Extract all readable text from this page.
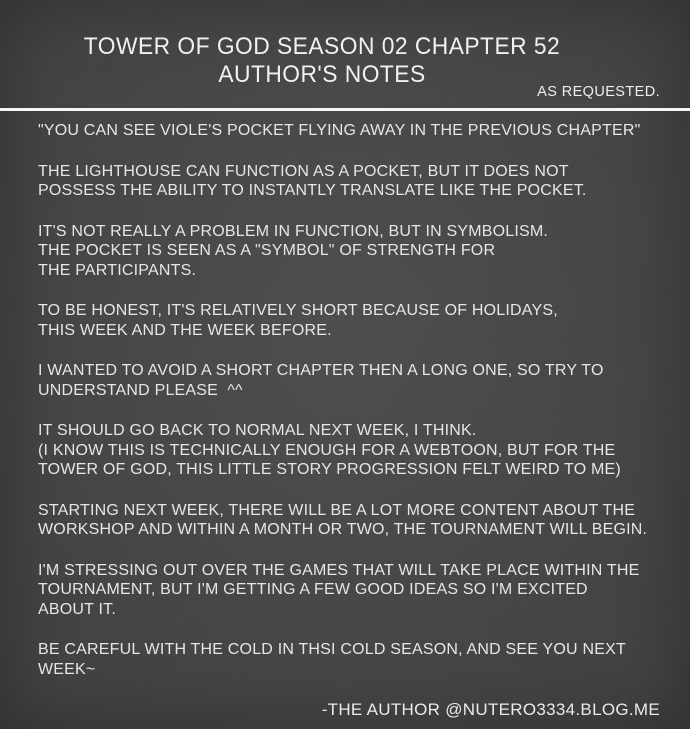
TOWER OF GOD SEASON 02 CHAPTER 52
AUTHOR'S NOTES
AS REQUESTED.
"YOU CAN SEE VIOLE'S POCKET FLYING AWAY IN THE PREVIOUS CHAPTER"
THE LIGHTHOUSE CAN FUNCTION AS A POCKET, BUT IT DOES NOT
POSSESS THE ABILITY TO INSTANTLY TRANSLATE LIKE THE POCKET.
IT'S NOT REALLY A PROBLEM IN FUNCTION, BUT IN SYMBOLISM.
THE POCKET IS SEEN AS A "SYMBOL" OF STRENGTH FOR
THE PARTICIPANTS.
TO BE HONEST, IT'S RELATIVELY SHORT BECAUSE OF HOLIDAYS,
THIS WEEK AND THE WEEK BEFORE.
I WANTED TO AVOID A SHORT CHAPTER THEN A LONG ONE, SO TRY TO
UNDERSTAND PLEASE  ^^
IT SHOULD GO BACK TO NORMAL NEXT WEEK, I THINK.
(I KNOW THIS IS TECHNICALLY ENOUGH FOR A WEBTOON, BUT FOR THE
TOWER OF GOD, THIS LITTLE STORY PROGRESSION FELT WEIRD TO ME)
STARTING NEXT WEEK, THERE WILL BE A LOT MORE CONTENT ABOUT THE
WORKSHOP AND WITHIN A MONTH OR TWO, THE TOURNAMENT WILL BEGIN.
I'M STRESSING OUT OVER THE GAMES THAT WILL TAKE PLACE WITHIN THE
TOURNAMENT, BUT I'M GETTING A FEW GOOD IDEAS SO I'M EXCITED
ABOUT IT.
BE CAREFUL WITH THE COLD IN THSI COLD SEASON, AND SEE YOU NEXT
WEEK~
-THE AUTHOR @NUTERO3334.BLOG.ME
